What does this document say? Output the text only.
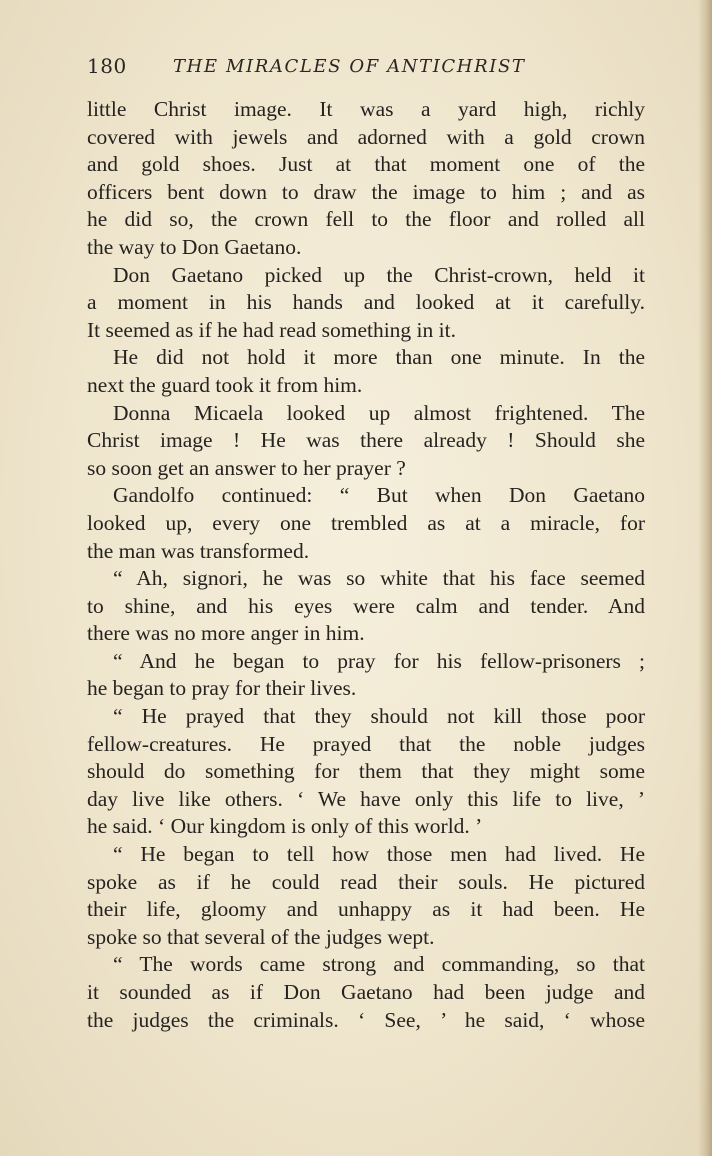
180	THE MIRACLES OF ANTICHRIST
little Christ image. It was a yard high, richly
covered with jewels and adorned with a gold crown
and gold shoes. Just at that moment one of the
officers bent down to draw the image to him ; and as
he did so, the crown fell to the floor and rolled all
the way to Don Gaetano.
Don Gaetano picked up the Christ-crown, held it
a moment in his hands and looked at it carefully.
It seemed as if he had read something in it.
He did not hold it more than one minute. In the
next the guard took it from him.
Donna Micaela looked up almost frightened. The
Christ image ! He was there already ! Should she
so soon get an answer to her prayer ?
Gandolfo continued: “ But when Don Gaetano
looked up, every one trembled as at a miracle, for
the man was transformed.
“ Ah, signori, he was so white that his face seemed
to shine, and his eyes were calm and tender. And
there was no more anger in him.
“ And he began to pray for his fellow-prisoners ;
he began to pray for their lives.
“ He prayed that they should not kill those poor
fellow-creatures. He prayed that the noble judges
should do something for them that they might some
day live like others. ‘ We have only this life to live, ’
he said. ‘ Our kingdom is only of this world. ’
“ He began to tell how those men had lived. He
spoke as if he could read their souls. He pictured
their life, gloomy and unhappy as it had been. He
spoke so that several of the judges wept.
“ The words came strong and commanding, so that
it sounded as if Don Gaetano had been judge and
the judges the criminals. ‘ See, ’ he said, ‘ whose
